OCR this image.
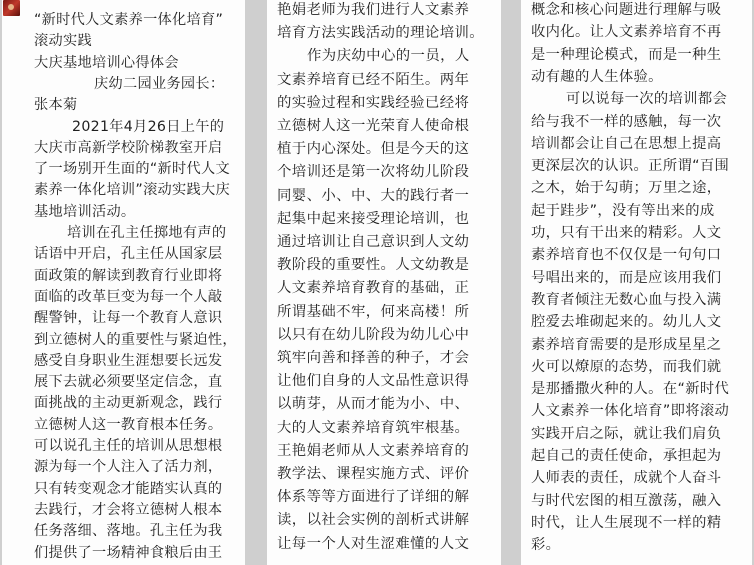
“新时代人文素养一体化培育”
滚动实践
大庆基地培训心得体会
庆幼二园业务园长：
张本菊
2021年4月26日上午的
大庆市高新学校阶梯教室开启
了一场别开生面的“新时代人文
素养一体化培训”滚动实践大庆
基地培训活动。
培训在孔主任掷地有声的
话语中开启，孔主任从国家层
面政策的解读到教育行业即将
面临的改革巨变为每一个人敲
醒警钟，让每一个教育人意识
到立德树人的重要性与紧迫性，
感受自身职业生涯想要长远发
展下去就必须要坚定信念，直
面挑战的主动更新观念，践行
立德树人这一教育根本任务。
可以说孔主任的培训从思想根
源为每一个人注入了活力剂，
只有转变观念才能踏实认真的
去践行，才会将立德树人根本
任务落细、落地。孔主任为我
们提供了一场精神食粮后由王
艳娟老师为我们进行人文素养
培育方法实践活动的理论培训。
作为庆幼中心的一员，人
文素养培育已经不陌生。两年
的实验过程和实践经验已经将
立德树人这一光荣育人使命根
植于内心深处。但是今天的这
个培训还是第一次将幼儿阶段
同婴、小、中、大的践行者一
起集中起来接受理论培训，也
通过培训让自己意识到人文幼
教阶段的重要性。人文幼教是
人文素养培育教育的基础，正
所谓基础不牢，何来高楼！所
以只有在幼儿阶段为幼儿心中
筑牢向善和择善的种子，才会
让他们自身的人文品性意识得
以萌芽，从而才能为小、中、
大的人文素养培育筑牢根基。
王艳娟老师从人文素养培育的
教学法、课程实施方式、评价
体系等等方面进行了详细的解
读，以社会实例的剖析式讲解
让每一个人对生涩难懂的人文
概念和核心问题进行理解与吸
收内化。让人文素养培育不再
是一种理论模式，而是一种生
动有趣的人生体验。
可以说每一次的培训都会
给与我不一样的感触，每一次
培训都会让自己在思想上提高
更深层次的认识。正所谓“百围
之木，始于勾萌；万里之途，
起于跬步”，没有等出来的成
功，只有干出来的精彩。人文
素养培育也不仅仅是一句句口
号唱出来的，而是应该用我们
教育者倾注无数心血与投入满
腔爱去堆砌起来的。幼儿人文
素养培育需要的是形成星星之
火可以燎原的态势，而我们就
是那播撒火种的人。在“新时代
人文素养一体化培育”即将滚动
实践开启之际，就让我们肩负
起自己的责任使命，承担起为
人师表的责任，成就个人奋斗
与时代宏图的相互激荡，融入
时代，让人生展现不一样的精
彩。
